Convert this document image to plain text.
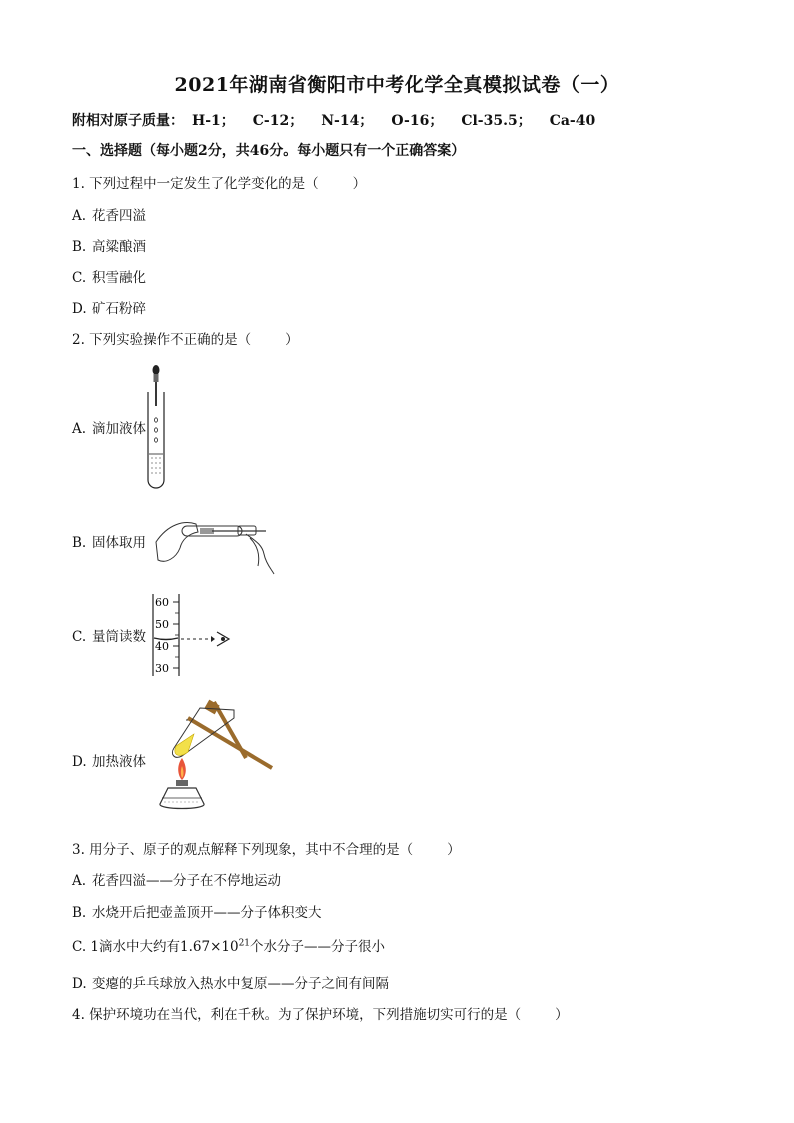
2021年湖南省衡阳市中考化学全真模拟试卷（一）
附相对原子质量： H-1； C-12； N-14； O-16； Cl-35.5； Ca-40
一、选择题（每小题2分，共46分。每小题只有一个正确答案）
1. 下列过程中一定发生了化学变化的是（	）
A. 花香四溢
B. 高粱酿酒
C. 积雪融化
D. 矿石粉碎
2. 下列实验操作不正确的是（	）
A. 滴加液体
B. 固体取用
C. 量筒读数
60
50
40
30
D. 加热液体
3. 用分子、原子的观点解释下列现象，其中不合理的是（	）
A. 花香四溢——分子在不停地运动
B. 水烧开后把壶盖顶开——分子体积变大
C. 1滴水中大约有$1.67\times 10^{21}$个水分子——分子很小
D. 变瘪的乒乓球放入热水中复原——分子之间有间隔
4. 保护环境功在当代，利在千秋。为了保护环境，下列措施切实可行的是（	）
